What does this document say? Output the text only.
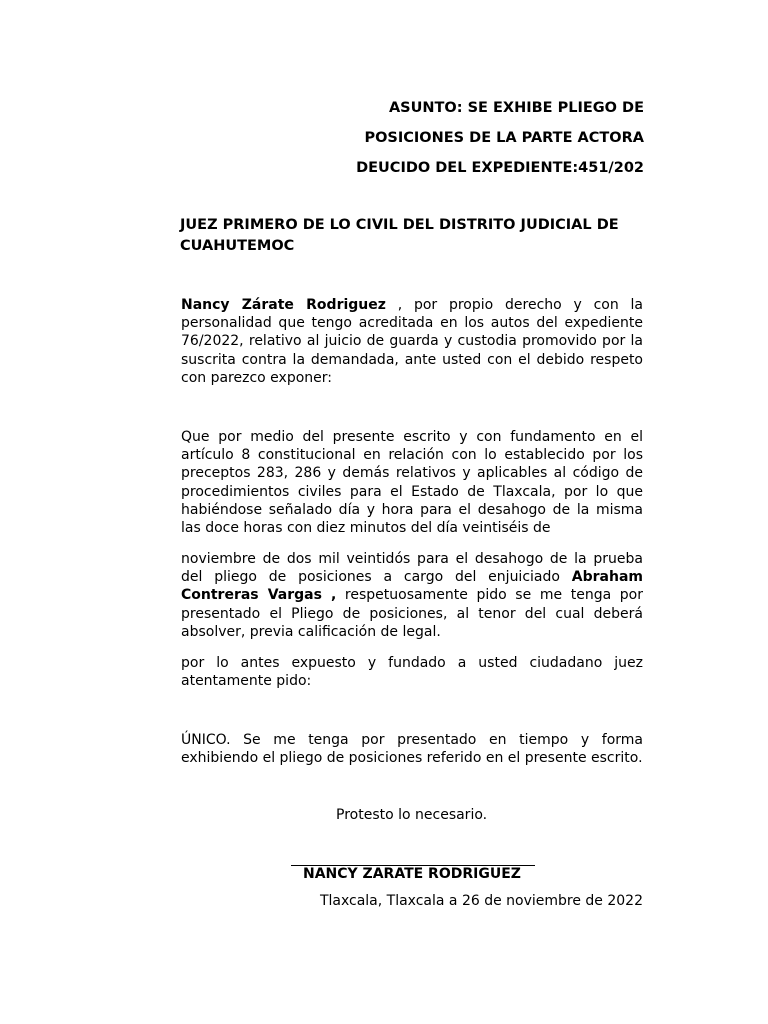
ASUNTO: SE EXHIBE PLIEGO DE
POSICIONES DE LA PARTE ACTORA
DEUCIDO DEL EXPEDIENTE:451/202
JUEZ PRIMERO DE LO CIVIL DEL DISTRITO JUDICIAL DE CUAHUTEMOC
Nancy Zárate Rodriguez , por propio derecho y con la personalidad que tengo acreditada en los autos del expediente 76/2022, relativo al juicio de guarda y custodia promovido por la suscrita contra la demandada, ante usted con el debido respeto con parezco exponer:
Que por medio del presente escrito y con fundamento en el artículo 8 constitucional en relación con lo establecido por los preceptos 283, 286 y demás relativos y aplicables al código de procedimientos civiles para el Estado de Tlaxcala, por lo que habiéndose señalado día y hora para el desahogo de la misma las doce horas con diez minutos del día veintiséis de
noviembre de dos mil veintidós para el desahogo de la prueba del pliego de posiciones a cargo del enjuiciado Abraham Contreras Vargas , respetuosamente pido se me tenga por presentado el Pliego de posiciones, al tenor del cual deberá absolver, previa calificación de legal.
por lo antes expuesto y fundado a usted ciudadano juez atentamente pido:
ÚNICO. Se me tenga por presentado en tiempo y forma exhibiendo el pliego de posiciones referido en el presente escrito.
Protesto lo necesario.
NANCY ZARATE RODRIGUEZ
Tlaxcala, Tlaxcala a 26 de noviembre de 2022
